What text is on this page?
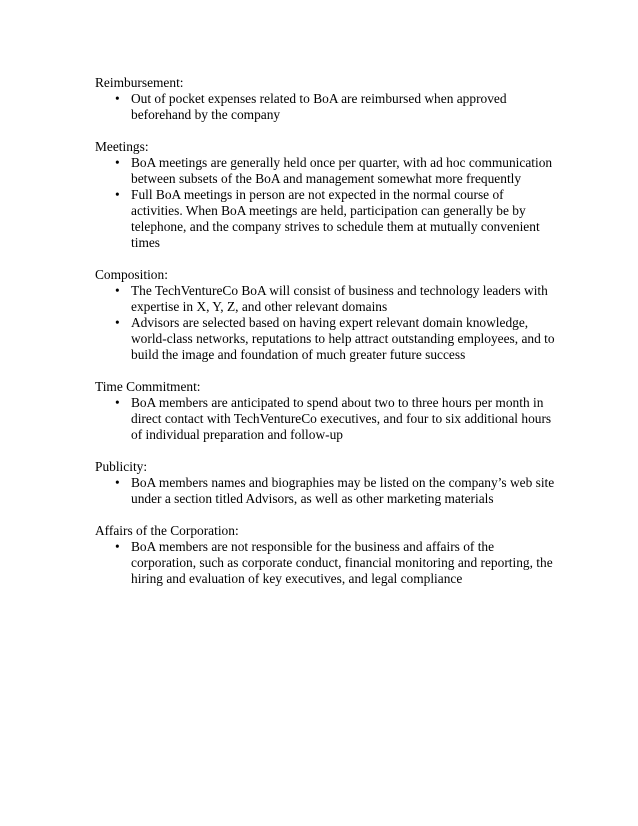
Reimbursement:

• Out of pocket expenses related to BoA are reimbursed when approved beforehand by the company

Meetings:

• BoA meetings are generally held once per quarter, with ad hoc communication between subsets of the BoA and management somewhat more frequently
• Full BoA meetings in person are not expected in the normal course of activities. When BoA meetings are held, participation can generally be by telephone, and the company strives to schedule them at mutually convenient times

Composition:

• The TechVentureCo BoA will consist of business and technology leaders with expertise in X, Y, Z, and other relevant domains
• Advisors are selected based on having expert relevant domain knowledge, world-class networks, reputations to help attract outstanding employees, and to build the image and foundation of much greater future success

Time Commitment:

• BoA members are anticipated to spend about two to three hours per month in direct contact with TechVentureCo executives, and four to six additional hours of individual preparation and follow-up

Publicity:

• BoA members names and biographies may be listed on the company’s web site under a section titled Advisors, as well as other marketing materials

Affairs of the Corporation:

• BoA members are not responsible for the business and affairs of the corporation, such as corporate conduct, financial monitoring and reporting, the hiring and evaluation of key executives, and legal compliance
